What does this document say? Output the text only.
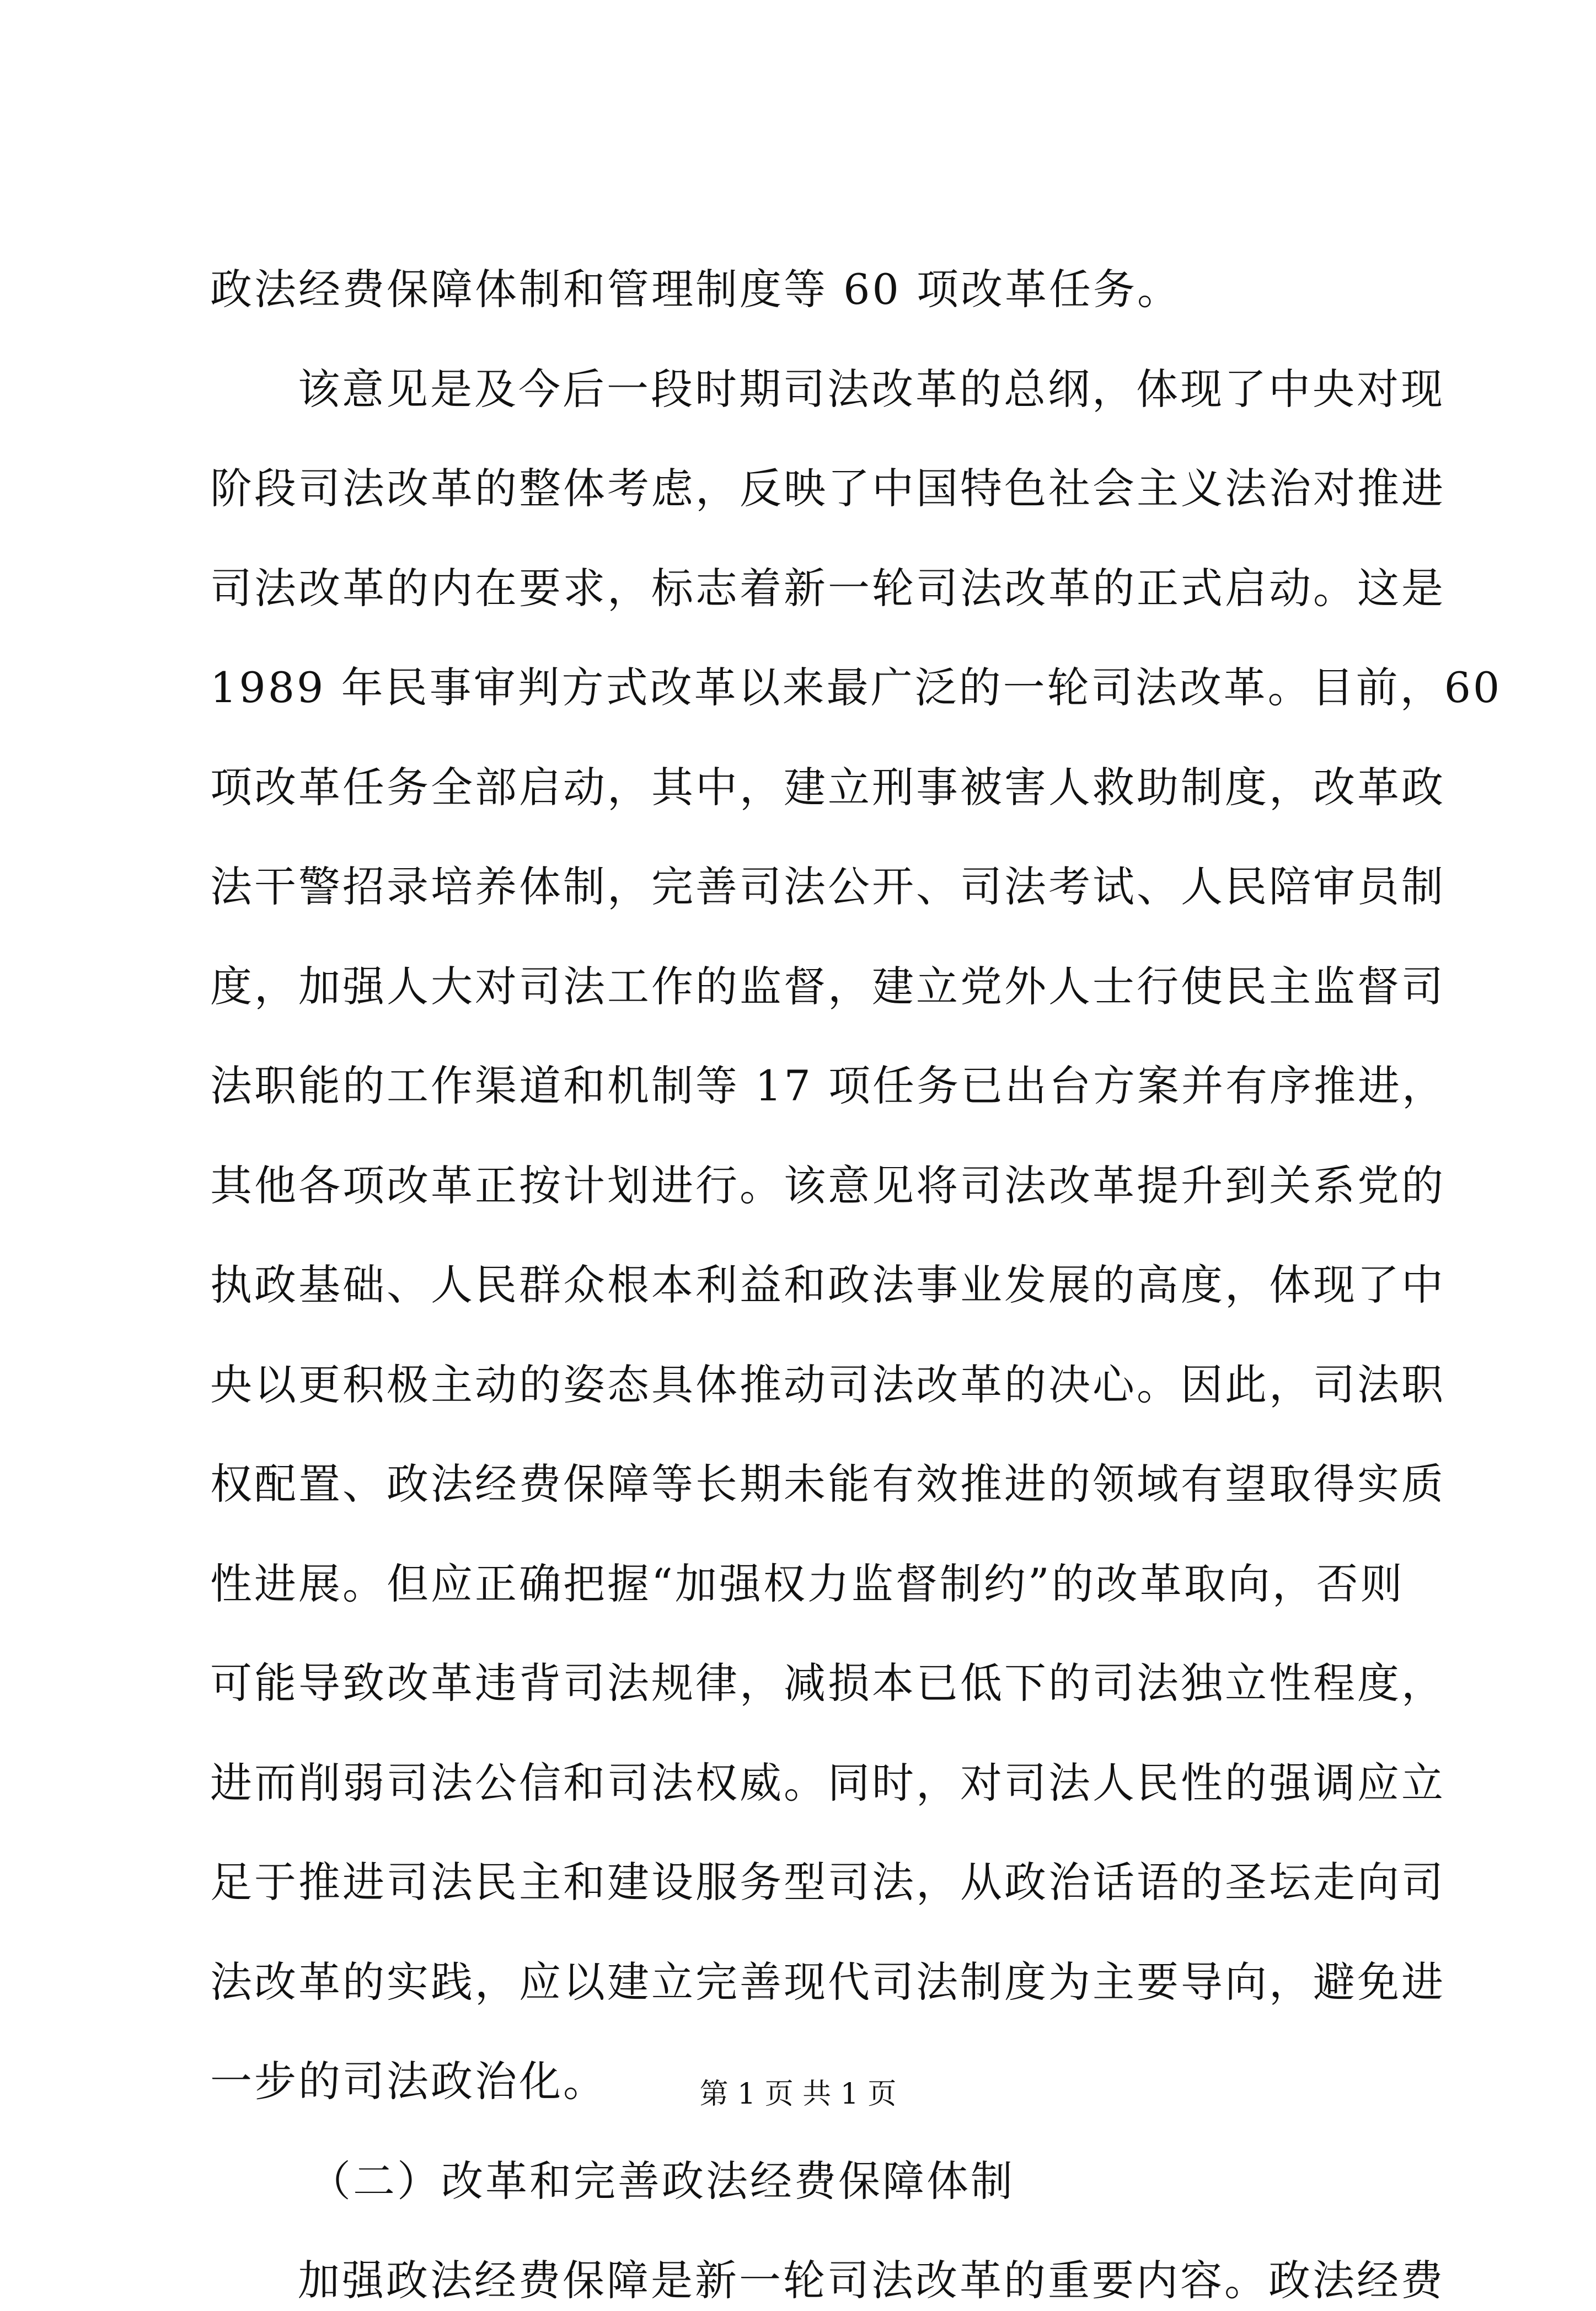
政法经费保障体制和管理制度等 60 项改革任务。
该意见是及今后一段时期司法改革的总纲，体现了中央对现
阶段司法改革的整体考虑，反映了中国特色社会主义法治对推进
司法改革的内在要求，标志着新一轮司法改革的正式启动。这是
1989 年民事审判方式改革以来最广泛的一轮司法改革。目前，60
项改革任务全部启动，其中，建立刑事被害人救助制度，改革政
法干警招录培养体制，完善司法公开、司法考试、人民陪审员制
度，加强人大对司法工作的监督，建立党外人士行使民主监督司
法职能的工作渠道和机制等 17 项任务已出台方案并有序推进，
其他各项改革正按计划进行。该意见将司法改革提升到关系党的
执政基础、人民群众根本利益和政法事业发展的高度，体现了中
央以更积极主动的姿态具体推动司法改革的决心。因此，司法职
权配置、政法经费保障等长期未能有效推进的领域有望取得实质
性进展。但应正确把握“加强权力监督制约”的改革取向，否则
可能导致改革违背司法规律，减损本已低下的司法独立性程度，
进而削弱司法公信和司法权威。同时，对司法人民性的强调应立
足于推进司法民主和建设服务型司法，从政治话语的圣坛走向司
法改革的实践，应以建立完善现代司法制度为主要导向，避免进
一步的司法政治化。
（二）改革和完善政法经费保障体制
加强政法经费保障是新一轮司法改革的重要内容。政法经费
第 1 页 共 1 页
